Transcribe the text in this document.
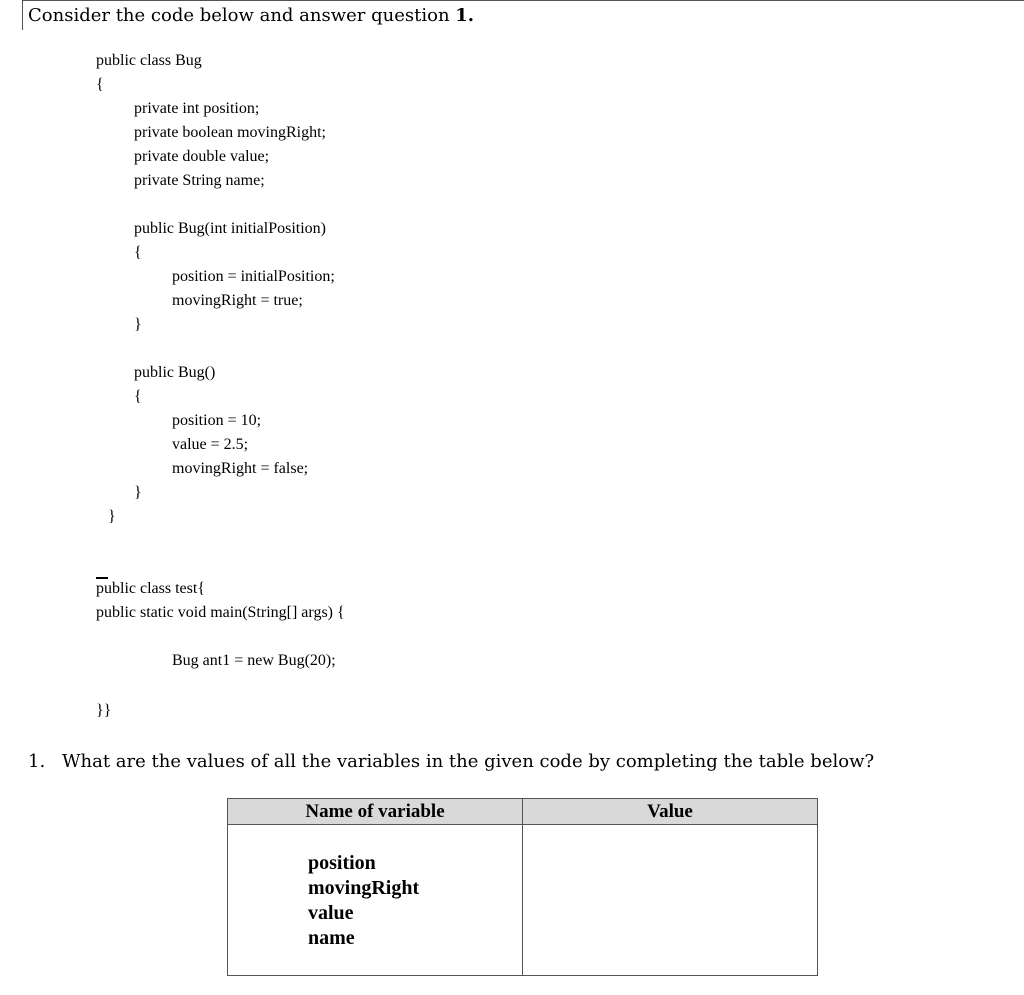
Consider the code below and answer question 1.
public class Bug
{
private int position;
private boolean movingRight;
private double value;
private String name;
public Bug(int initialPosition)
{
position = initialPosition;
movingRight = true;
}
public Bug()
{
position = 10;
value = 2.5;
movingRight = false;
}
}
public class test{
public static void main(String[] args) {
Bug ant1 = new Bug(20);
}}
1. What are the values of all the variables in the given code by completing the table below?
Name of variable	Value

position
movingRight
value
name	
